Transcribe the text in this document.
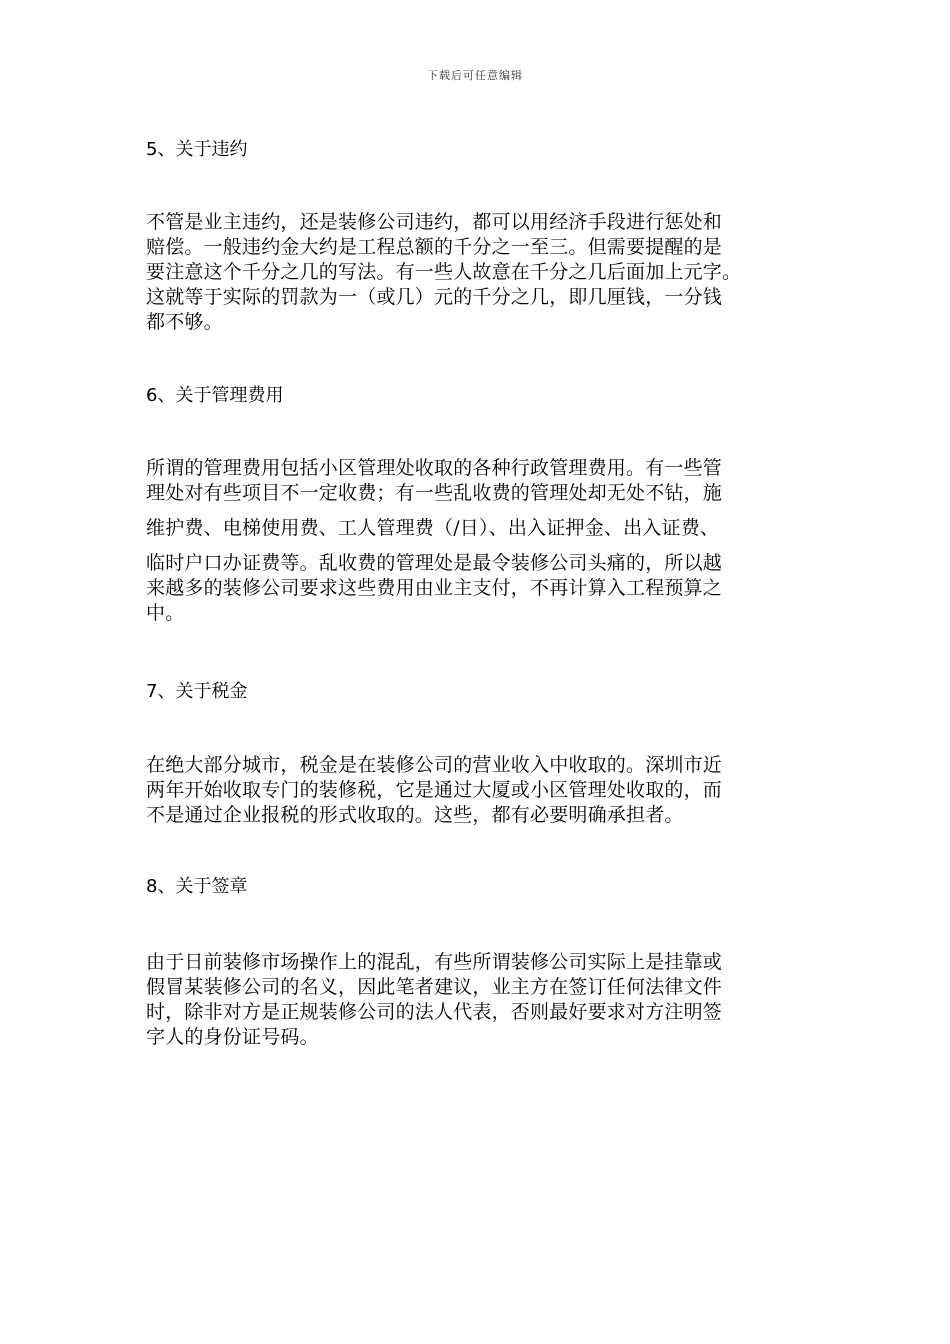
下载后可任意编辑
5、关于违约
不管是业主违约，还是装修公司违约，都可以用经济手段进行惩处和
赔偿。一般违约金大约是工程总额的千分之一至三。但需要提醒的是
要注意这个千分之几的写法。有一些人故意在千分之几后面加上元字。
这就等于实际的罚款为一（或几）元的千分之几，即几厘钱，一分钱
都不够。
6、关于管理费用
所谓的管理费用包括小区管理处收取的各种行政管理费用。有一些管
理处对有些项目不一定收费；有一些乱收费的管理处却无处不钻，施
维护费、电梯使用费、工人管理费（/日）、出入证押金、出入证费、
临时户口办证费等。乱收费的管理处是最令装修公司头痛的，所以越
来越多的装修公司要求这些费用由业主支付，不再计算入工程预算之
中。
7、关于税金
在绝大部分城市，税金是在装修公司的营业收入中收取的。深圳市近
两年开始收取专门的装修税，它是通过大厦或小区管理处收取的，而
不是通过企业报税的形式收取的。这些，都有必要明确承担者。
8、关于签章
由于日前装修市场操作上的混乱，有些所谓装修公司实际上是挂靠或
假冒某装修公司的名义，因此笔者建议，业主方在签订任何法律文件
时，除非对方是正规装修公司的法人代表，否则最好要求对方注明签
字人的身份证号码。
